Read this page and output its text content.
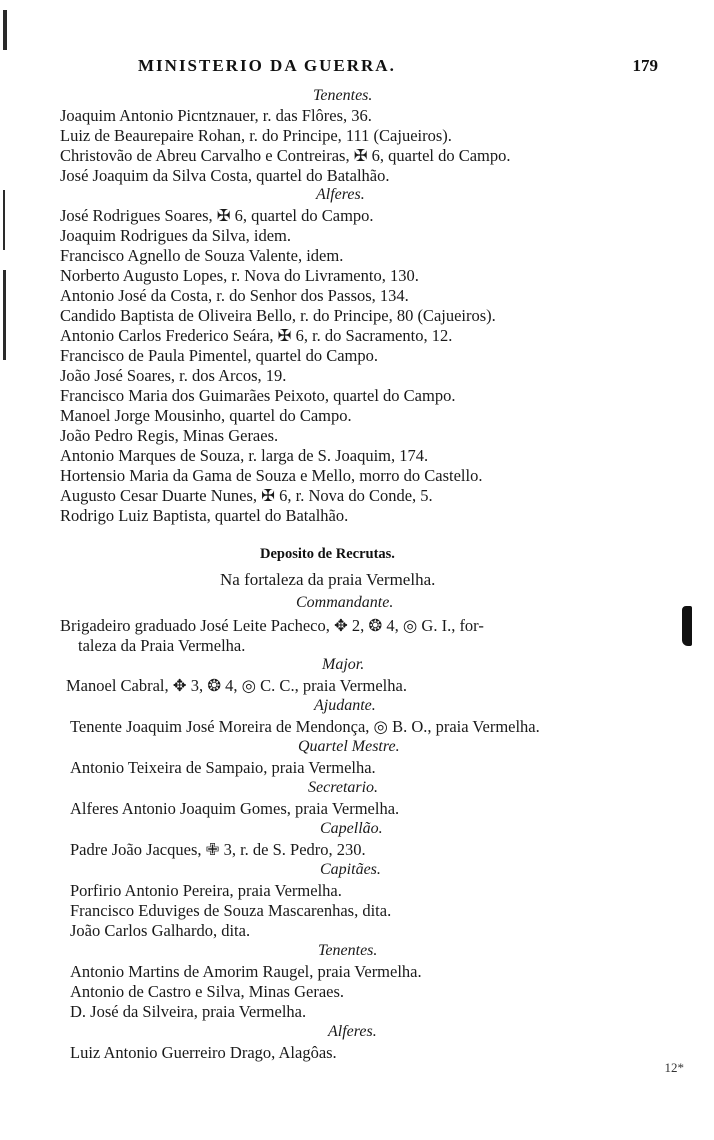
MINISTERIO DA GUERRA.	179
Tenentes.
Joaquim Antonio Picntznauer, r. das Flôres, 36.
Luiz de Beaurepaire Rohan, r. do Principe, 111 (Cajueiros).
Christovão de Abreu Carvalho e Contreiras, ✠ 6, quartel do Campo.
José Joaquim da Silva Costa, quartel do Batalhão.
Alferes.
José Rodrigues Soares, ✠ 6, quartel do Campo.
Joaquim Rodrigues da Silva, idem.
Francisco Agnello de Souza Valente, idem.
Norberto Augusto Lopes, r. Nova do Livramento, 130.
Antonio José da Costa, r. do Senhor dos Passos, 134.
Candido Baptista de Oliveira Bello, r. do Principe, 80 (Cajueiros).
Antonio Carlos Frederico Seára, ✠ 6, r. do Sacramento, 12.
Francisco de Paula Pimentel, quartel do Campo.
João José Soares, r. dos Arcos, 19.
Francisco Maria dos Guimarães Peixoto, quartel do Campo.
Manoel Jorge Mousinho, quartel do Campo.
João Pedro Regis, Minas Geraes.
Antonio Marques de Souza, r. larga de S. Joaquim, 174.
Hortensio Maria da Gama de Souza e Mello, morro do Castello.
Augusto Cesar Duarte Nunes, ✠ 6, r. Nova do Conde, 5.
Rodrigo Luiz Baptista, quartel do Batalhão.
Deposito de Recrutas.
Na fortaleza da praia Vermelha.
Commandante.
Brigadeiro graduado José Leite Pacheco, ✥ 2, ❂ 4, ◎ G. I., for-
taleza da Praia Vermelha.
Major.
Manoel Cabral, ✥ 3, ❂ 4, ◎ C. C., praia Vermelha.
Ajudante.
Tenente Joaquim José Moreira de Mendonça, ◎ B. O., praia Vermelha.
Quartel Mestre.
Antonio Teixeira de Sampaio, praia Vermelha.
Secretario.
Alferes Antonio Joaquim Gomes, praia Vermelha.
Capellão.
Padre João Jacques, ✙ 3, r. de S. Pedro, 230.
Capitães.
Porfirio Antonio Pereira, praia Vermelha.
Francisco Eduviges de Souza Mascarenhas, dita.
João Carlos Galhardo, dita.
Tenentes.
Antonio Martins de Amorim Raugel, praia Vermelha.
Antonio de Castro e Silva, Minas Geraes.
D. José da Silveira, praia Vermelha.
Alferes.
Luiz Antonio Guerreiro Drago, Alagôas.
12*
